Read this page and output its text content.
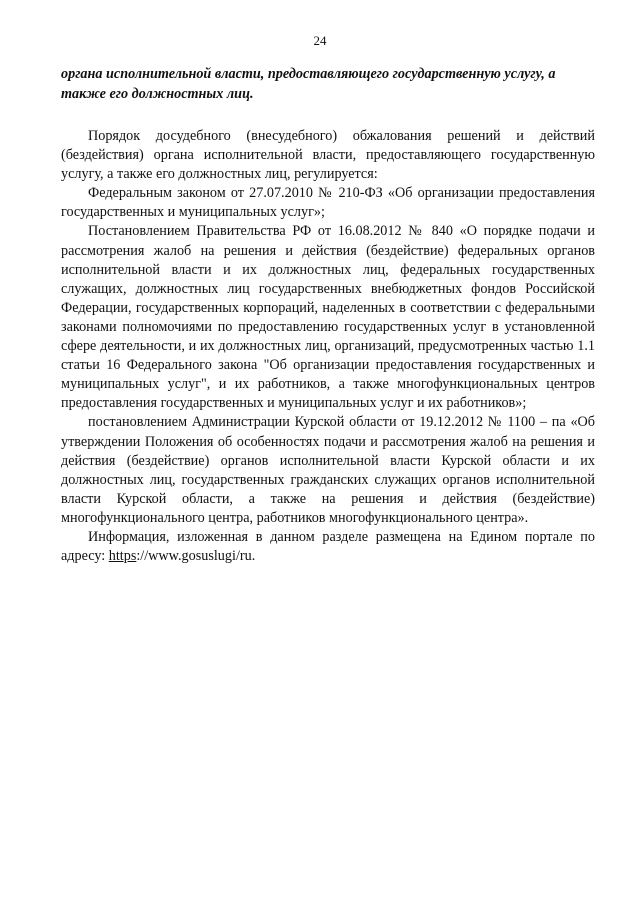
24
органа исполнительной власти, предоставляющего государственную услугу, а также его должностных лиц.

Порядок досудебного (внесудебного) обжалования решений и действий (бездействия) органа исполнительной власти, предоставляющего государственную услугу, а также его должностных лиц, регулируется:

Федеральным законом от 27.07.2010 № 210-ФЗ «Об организации предоставления государственных и муниципальных услуг»;

Постановлением Правительства РФ от 16.08.2012 № 840 «О порядке подачи и рассмотрения жалоб на решения и действия (бездействие) федеральных органов исполнительной власти и их должностных лиц, федеральных государственных служащих, должностных лиц государственных внебюджетных фондов Российской Федерации, государственных корпораций, наделенных в соответствии с федеральными законами полномочиями по предоставлению государственных услуг в установленной сфере деятельности, и их должностных лиц, организаций, предусмотренных частью 1.1 статьи 16 Федерального закона "Об организации предоставления государственных и муниципальных услуг", и их работников, а также многофункциональных центров предоставления государственных и муниципальных услуг и их работников»;

постановлением Администрации Курской области от 19.12.2012 № 1100 – па «Об утверждении Положения об особенностях подачи и рассмотрения жалоб на решения и действия (бездействие) органов исполнительной власти Курской области и их должностных лиц, государственных гражданских служащих органов исполнительной власти Курской области, а также на решения и действия (бездействие) многофункционального центра, работников многофункционального центра».

Информация, изложенная в данном разделе размещена на Едином портале по адресу: https://www.gosuslugi/ru.
